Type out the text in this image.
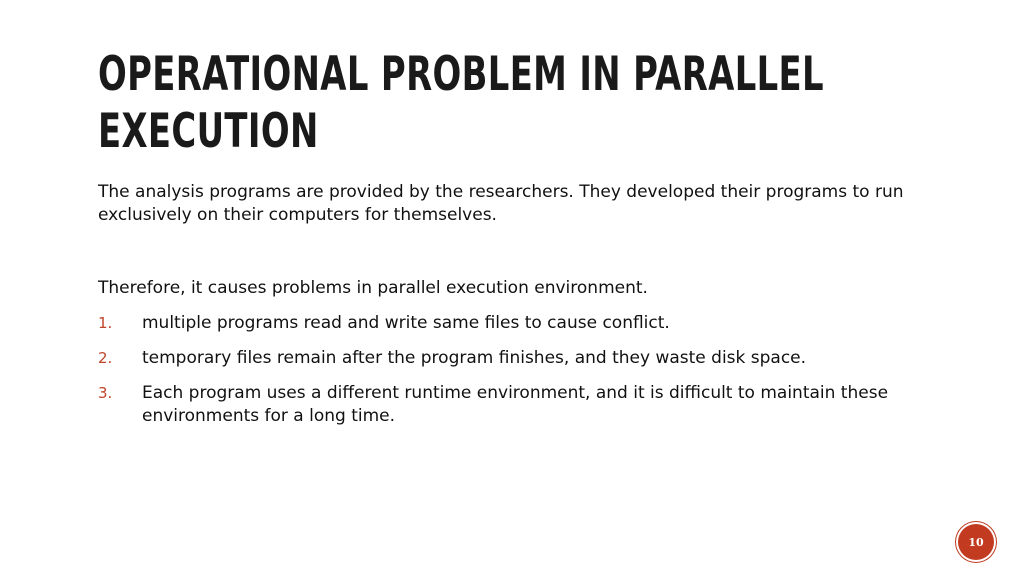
OPERATIONAL PROBLEM IN PARALLEL EXECUTION

The analysis programs are provided by the researchers. They developed their programs to run exclusively on their computers for themselves.

Therefore, it causes problems in parallel execution environment.

1. multiple programs read and write same files to cause conflict.
2. temporary files remain after the program finishes, and they waste disk space.
3. Each program uses a different runtime environment, and it is difficult to maintain these environments for a long time.
10
